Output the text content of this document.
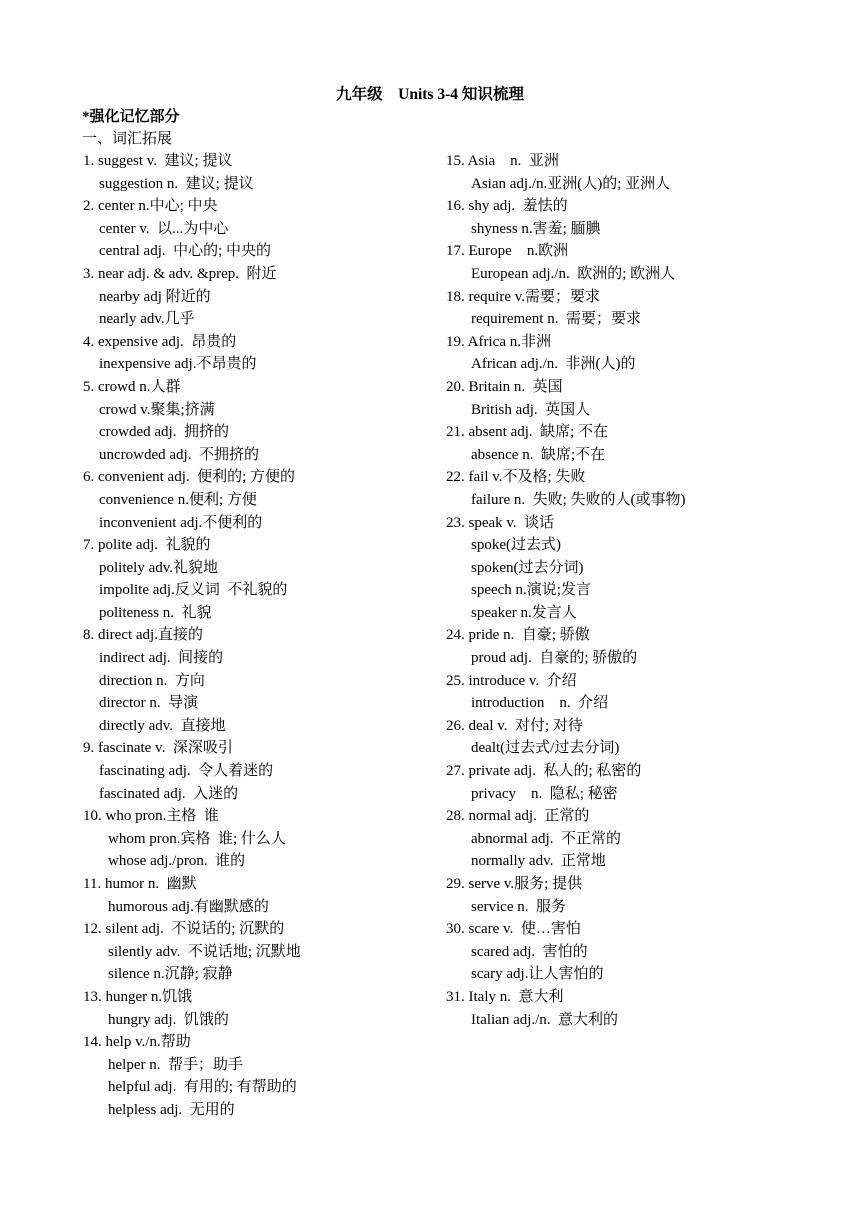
九年级　Units 3-4 知识梳理
*强化记忆部分
一、词汇拓展
1. suggest v.  建议; 提议
suggestion n.  建议; 提议
2. center n.中心; 中央
center v.  以...为中心
central adj.  中心的; 中央的
3. near adj. & adv. &prep.  附近
nearby adj 附近的
nearly adv.几乎
4. expensive adj.  昂贵的
inexpensive adj.不昂贵的
5. crowd n.人群
crowd v.聚集;挤满
crowded adj.  拥挤的
uncrowded adj.  不拥挤的
6. convenient adj.  便利的; 方便的
convenience n.便利; 方便
inconvenient adj.不便利的
7. polite adj.  礼貌的
politely adv.礼貌地
impolite adj.反义词  不礼貌的
politeness n.  礼貌
8. direct adj.直接的
indirect adj.  间接的
direction n.  方向
director n.  导演
directly adv.  直接地
9. fascinate v.  深深吸引
fascinating adj.  令人着迷的
fascinated adj.  入迷的
10. who pron.主格  谁
whom pron.宾格  谁; 什么人
whose adj./pron.  谁的
11. humor n.  幽默
humorous adj.有幽默感的
12. silent adj.  不说话的; 沉默的
silently adv.  不说话地; 沉默地
silence n.沉静; 寂静
13. hunger n.饥饿
hungry adj.  饥饿的
14. help v./n.帮助
helper n.  帮手；助手
helpful adj.  有用的; 有帮助的
helpless adj.  无用的
15. Asia    n.  亚洲
Asian adj./n.亚洲(人)的; 亚洲人
16. shy adj.  羞怯的
shyness n.害羞; 腼腆
17. Europe    n.欧洲
European adj./n.  欧洲的; 欧洲人
18. require v.需要；要求
requirement n.  需要；要求
19. Africa n.非洲
African adj./n.  非洲(人)的
20. Britain n.  英国
British adj.  英国人
21. absent adj.  缺席; 不在
absence n.  缺席;不在
22. fail v.不及格; 失败
failure n.  失败; 失败的人(或事物)
23. speak v.  谈话
spoke(过去式)
spoken(过去分词)
speech n.演说;发言
speaker n.发言人
24. pride n.  自豪; 骄傲
proud adj.  自豪的; 骄傲的
25. introduce v.  介绍
introduction    n.  介绍
26. deal v.  对付; 对待
dealt(过去式/过去分词)
27. private adj.  私人的; 私密的
privacy    n.  隐私; 秘密
28. normal adj.  正常的
abnormal adj.  不正常的
normally adv.  正常地
29. serve v.服务; 提供
service n.  服务
30. scare v.  使…害怕
scared adj.  害怕的
scary adj.让人害怕的
31. Italy n.  意大利
Italian adj./n.  意大利的
